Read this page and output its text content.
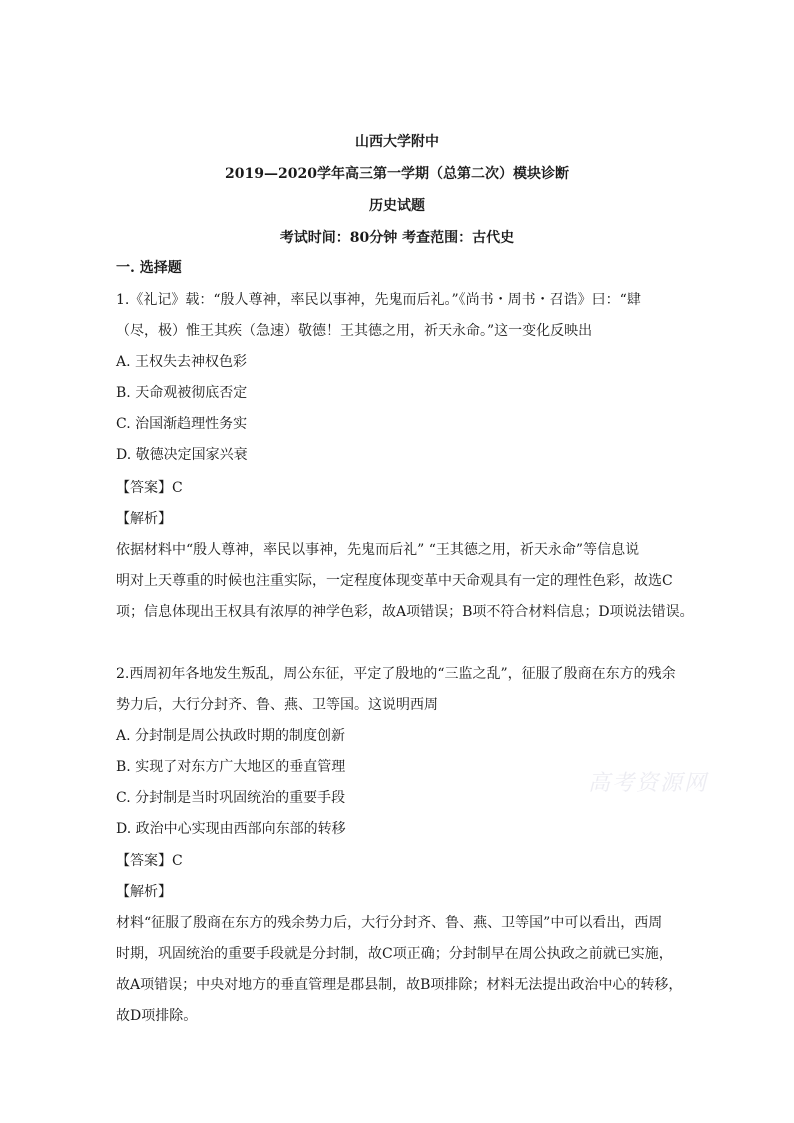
山西大学附中
2019—2020学年高三第一学期（总第二次）模块诊断
历史试题
考试时间：80分钟 考查范围：古代史
一. 选择题
1.《礼记》载：“殷人尊神，率民以事神，先鬼而后礼。”《尚书・周书・召诰》曰：“肆
（尽，极）惟王其疾（急速）敬德！王其德之用，祈天永命。”这一变化反映出
A. 王权失去神权色彩
B. 天命观被彻底否定
C. 治国渐趋理性务实
D. 敬德决定国家兴衰
【答案】C
【解析】
依据材料中“殷人尊神，率民以事神，先鬼而后礼” “王其德之用，祈天永命”等信息说
明对上天尊重的时候也注重实际，一定程度体现变革中天命观具有一定的理性色彩，故选C
项；信息体现出王权具有浓厚的神学色彩，故A项错误；B项不符合材料信息；D项说法错误。
2.西周初年各地发生叛乱，周公东征，平定了殷地的“三监之乱”，征服了殷商在东方的残余
势力后，大行分封齐、鲁、燕、卫等国。这说明西周
A. 分封制是周公执政时期的制度创新
B. 实现了对东方广大地区的垂直管理
C. 分封制是当时巩固统治的重要手段
D. 政治中心实现由西部向东部的转移
【答案】C
【解析】
材料“征服了殷商在东方的残余势力后，大行分封齐、鲁、燕、卫等国”中可以看出，西周
时期，巩固统治的重要手段就是分封制，故C项正确；分封制早在周公执政之前就已实施，
故A项错误；中央对地方的垂直管理是郡县制，故B项排除；材料无法提出政治中心的转移，
故D项排除。
高考资源网
